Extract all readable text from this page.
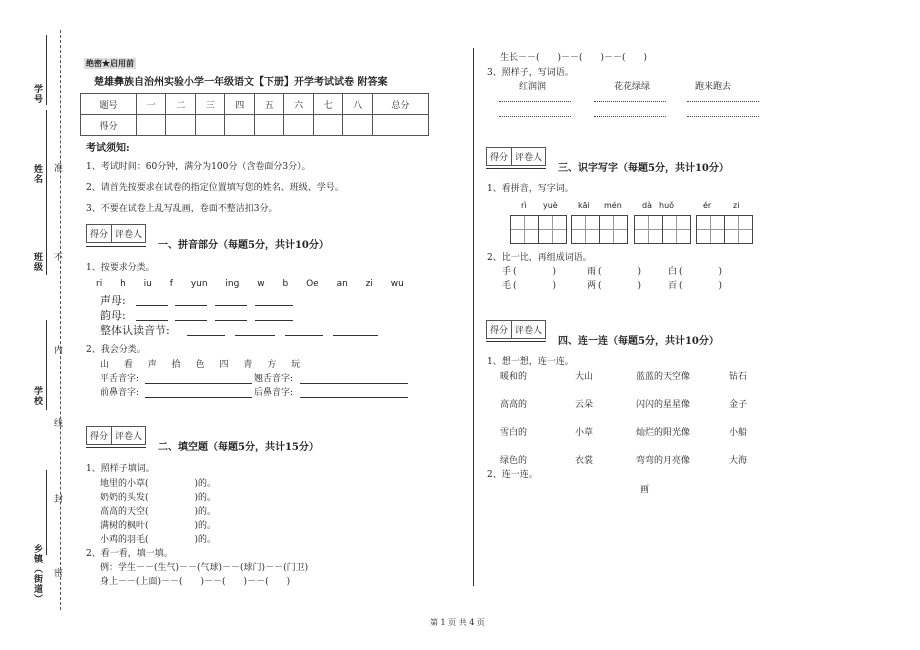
学号
姓名
班级
学校
乡镇（街道）
准
不
内
线
封
密
绝密★启用前
楚雄彝族自治州实验小学一年级语文【下册】开学考试试卷 附答案
题号	一	二	三	四	五	六	七	八	总分
得分									
考试须知:
1、考试时间：60分钟，满分为100分（含卷面分3分）。
2、请首先按要求在试卷的指定位置填写您的姓名、班级、学号。
3、不要在试卷上乱写乱画，卷面不整洁扣3分。
得分 评卷人
一、拼音部分（每题5分，共计10分）
1、按要求分类。
ri h iu f yun ing w b Oe an zi wu
声母:
韵母:
整体认读音节:
2、我会分类。
山 看 声 拾 色 四 青 方 玩
平舌音字:	翘舌音字:
前鼻音字:	后鼻音字:
得分 评卷人
二、填空题（每题5分，共计15分）
1、照样子填词。
地里的小草(	)的。
奶奶的头发(	)的。
高高的天空(	)的。
满树的枫叶(	)的。
小鸡的羽毛(	)的。
2、看一看，填一填。
例：学生－－(生气)－－(气球)－－(球门)－－(门卫)
身上－－(上面)－－(　　)－－(　　)－－(　　)
生长－－(　　)－－(　　)－－(　　)
3、照样子，写词语。
红润润	花花绿绿	跑来跑去
得分 评卷人
三、识字写字（每题5分，共计10分）
1、看拼音，写字词。
rì yuè	kāi mén	dà huǒ	ér	zi
2、比一比，再组成词语。
手 (　　　　)	雨 (　　　　)	白 (　　　　)
毛 (　　　　)	两 (　　　　)	百 (　　　　)
得分 评卷人
四、连一连（每题5分，共计10分）
1、想一想，连一连。
暖和的	大山	蓝蓝的天空像	钻石
高高的	云朵	闪闪的星星像	金子
雪白的	小草	灿烂的阳光像	小船
绿色的	衣裳	弯弯的月亮像	大海
2、连一连。
画
第 1 页 共 4 页
